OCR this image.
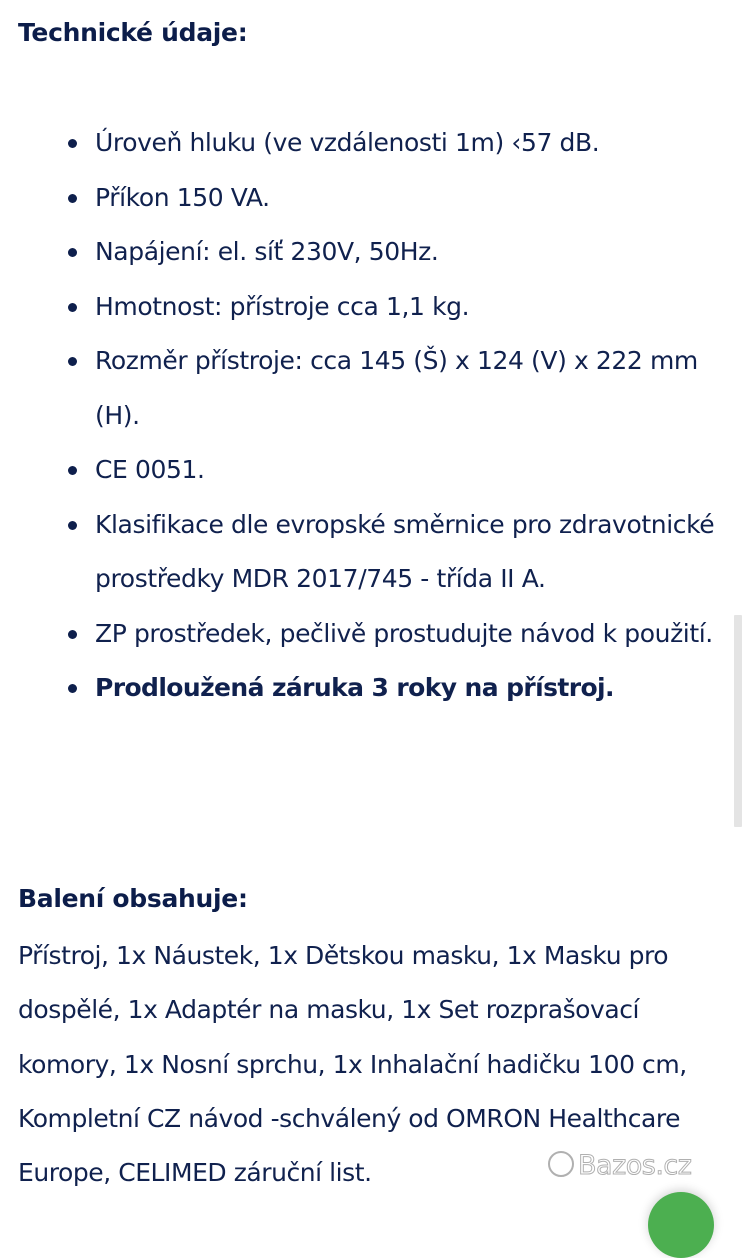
Technické údaje:
Úroveň hluku (ve vzdálenosti 1m) ‹57 dB.
Příkon 150 VA.
Napájení: el. síť 230V, 50Hz.
Hmotnost: přístroje cca 1,1 kg.
Rozměr přístroje: cca 145 (Š) x 124 (V) x 222 mm (H).
CE 0051.
Klasifikace dle evropské směrnice pro zdravotnické prostředky MDR 2017/745 - třída II A.
ZP prostředek, pečlivě prostudujte návod k použití.
Prodloužená záruka 3 roky na přístroj.
Balení obsahuje:

Přístroj, 1x Náustek, 1x Dětskou masku, 1x Masku pro dospělé, 1x Adaptér na masku, 1x Set rozprašovací komory, 1x Nosní sprchu, 1x Inhalační hadičku 100 cm, Kompletní CZ návod -schválený od OMRON Healthcare Europe, CELIMED záruční list.	Bazos.cz
